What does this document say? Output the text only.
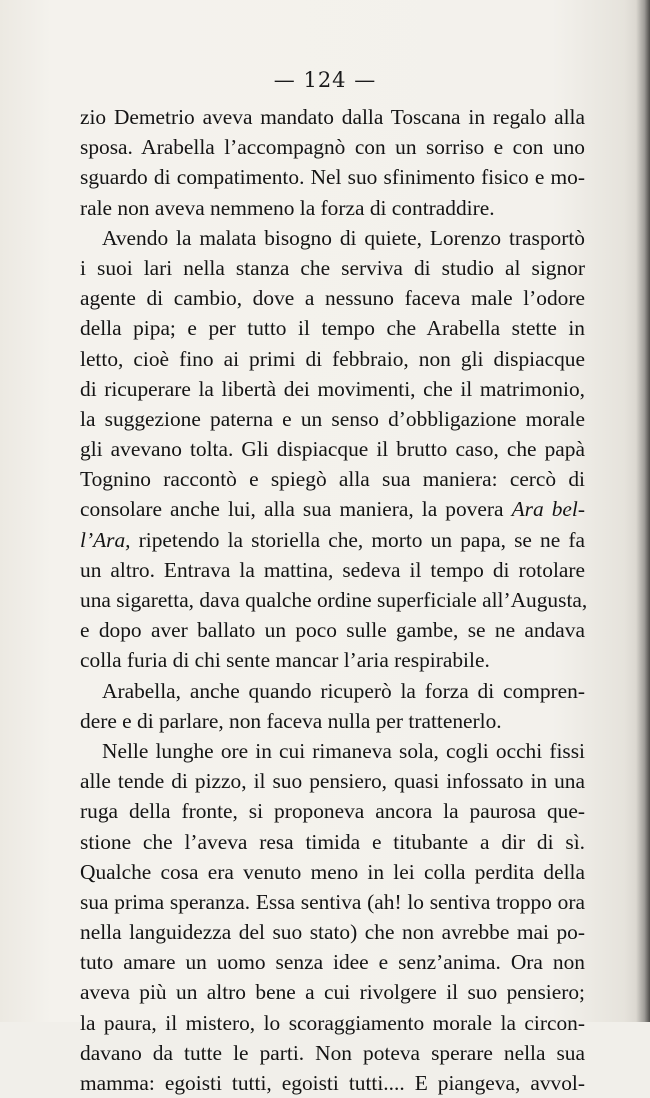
— 124 —
zio Demetrio aveva mandato dalla Toscana in regalo alla
sposa. Arabella l’accompagnò con un sorriso e con uno
sguardo di compatimento. Nel suo sfinimento fisico e mo-
rale non aveva nemmeno la forza di contraddire.
Avendo la malata bisogno di quiete, Lorenzo trasportò
i suoi lari nella stanza che serviva di studio al signor
agente di cambio, dove a nessuno faceva male l’odore
della pipa; e per tutto il tempo che Arabella stette in
letto, cioè fino ai primi di febbraio, non gli dispiacque
di ricuperare la libertà dei movimenti, che il matrimonio,
la suggezione paterna e un senso d’obbligazione morale
gli avevano tolta. Gli dispiacque il brutto caso, che papà
Tognino raccontò e spiegò alla sua maniera: cercò di
consolare anche lui, alla sua maniera, la povera Ara bel-
l’Ara, ripetendo la storiella che, morto un papa, se ne fa
un altro. Entrava la mattina, sedeva il tempo di rotolare
una sigaretta, dava qualche ordine superficiale all’Augusta,
e dopo aver ballato un poco sulle gambe, se ne andava
colla furia di chi sente mancar l’aria respirabile.
Arabella, anche quando ricuperò la forza di compren-
dere e di parlare, non faceva nulla per trattenerlo.
Nelle lunghe ore in cui rimaneva sola, cogli occhi fissi
alle tende di pizzo, il suo pensiero, quasi infossato in una
ruga della fronte, si proponeva ancora la paurosa que-
stione che l’aveva resa timida e titubante a dir di sì.
Qualche cosa era venuto meno in lei colla perdita della
sua prima speranza. Essa sentiva (ah! lo sentiva troppo ora
nella languidezza del suo stato) che non avrebbe mai po-
tuto amare un uomo senza idee e senz’anima. Ora non
aveva più un altro bene a cui rivolgere il suo pensiero;
la paura, il mistero, lo scoraggiamento morale la circon-
davano da tutte le parti. Non poteva sperare nella sua
mamma: egoisti tutti, egoisti tutti.... E piangeva, avvol-
